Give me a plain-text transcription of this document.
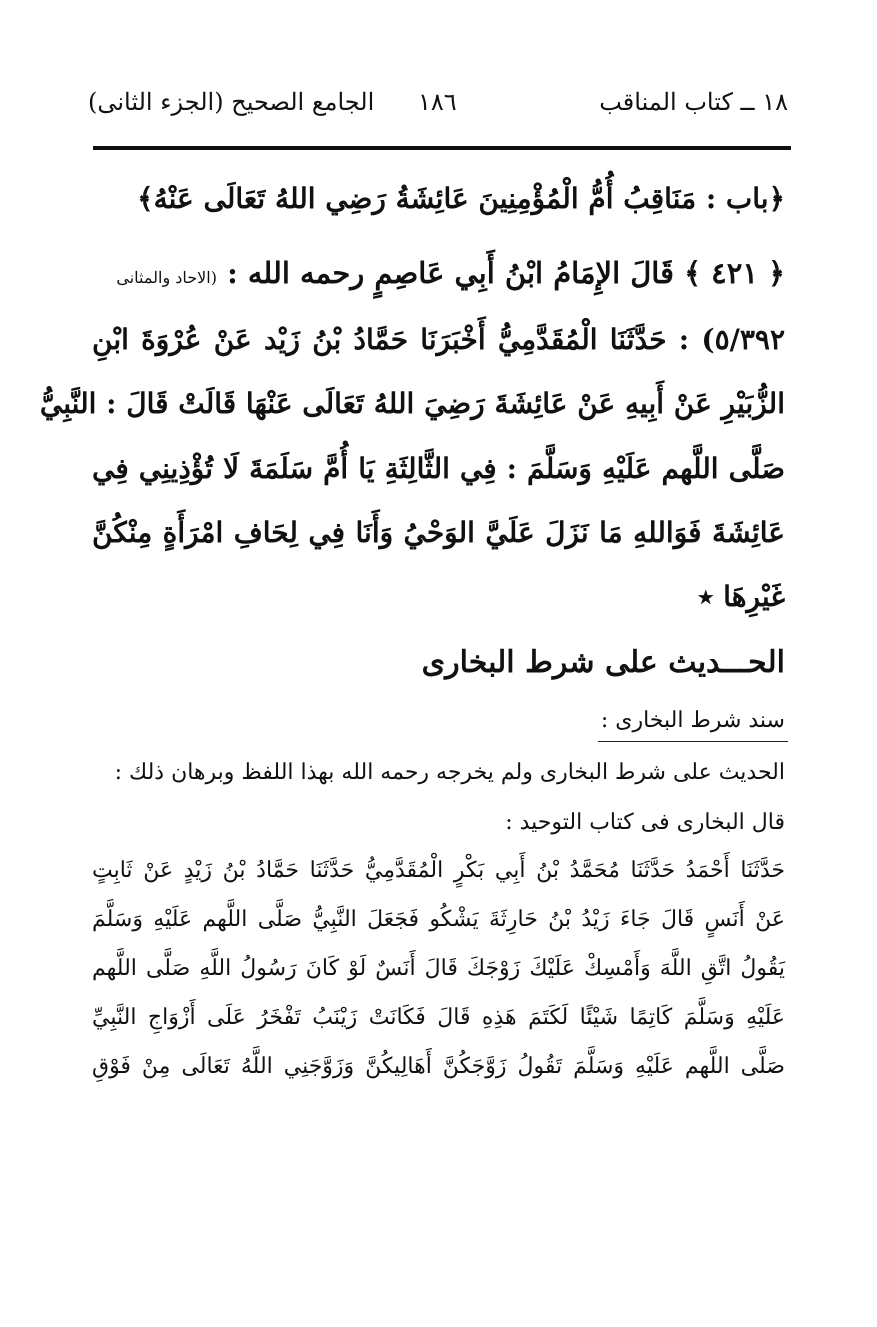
١٨ ــ كتاب المناقب
١٨٦
الجامع الصحيح (الجزء الثانى)
﴿باب : مَنَاقِبُ أُمُّ الْمُؤْمِنِينَ عَائِشَةُ رَضِي اللهُ تَعَالَى عَنْهُ﴾
﴿ ٤٢١ ﴾ قَالَ الإِمَامُ ابْنُ أَبِي عَاصِمٍ رحمه الله : (الاحاد والمثانى
٥/٣٩٢) : حَدَّثَنَا الْمُقَدَّمِيُّ أَخْبَرَنَا حَمَّادُ بْنُ زَيْد عَنْ عُرْوَةَ ابْنِ
الزُّبَيْرِ عَنْ أَبِيهِ عَنْ عَائِشَةَ رَضِيَ اللهُ تَعَالَى عَنْهَا قَالَتْ قَالَ : النَّبِيُّ
صَلَّى اللَّهم عَلَيْهِ وَسَلَّمَ : فِي الثَّالِثَةِ يَا أُمَّ سَلَمَةَ لَا تُؤْذِينِي فِي
عَائِشَةَ فَوَاللهِ مَا نَزَلَ عَلَيَّ الوَحْيُ وَأَنَا فِي لِحَافِ امْرَأَةٍ مِنْكُنَّ
غَيْرِهَا ٭
الحـــديث على شرط البخارى
سند شرط البخارى :
الحديث على شرط البخارى ولم يخرجه رحمه الله بهذا اللفظ وبرهان ذلك :
قال البخارى فى كتاب التوحيد :
حَدَّثَنَا أَحْمَدُ حَدَّثَنَا مُحَمَّدُ بْنُ أَبِي بَكْرٍ الْمُقَدَّمِيُّ حَدَّثَنَا حَمَّادُ بْنُ زَيْدٍ عَنْ ثَابِتٍ
عَنْ أَنَسٍ قَالَ جَاءَ زَيْدُ بْنُ حَارِثَةَ يَشْكُو فَجَعَلَ النَّبِيُّ صَلَّى اللَّهم عَلَيْهِ وَسَلَّمَ
يَقُولُ اتَّقِ اللَّهَ وَأَمْسِكْ عَلَيْكَ زَوْجَكَ قَالَ أَنَسٌ لَوْ كَانَ رَسُولُ اللَّهِ صَلَّى اللَّهم
عَلَيْهِ وَسَلَّمَ كَاتِمًا شَيْئًا لَكَتَمَ هَذِهِ قَالَ فَكَانَتْ زَيْنَبُ تَفْخَرُ عَلَى أَزْوَاجِ النَّبِيِّ
صَلَّى اللَّهم عَلَيْهِ وَسَلَّمَ تَقُولُ زَوَّجَكُنَّ أَهَالِيكُنَّ وَزَوَّجَنِي اللَّهُ تَعَالَى مِنْ فَوْقِ
